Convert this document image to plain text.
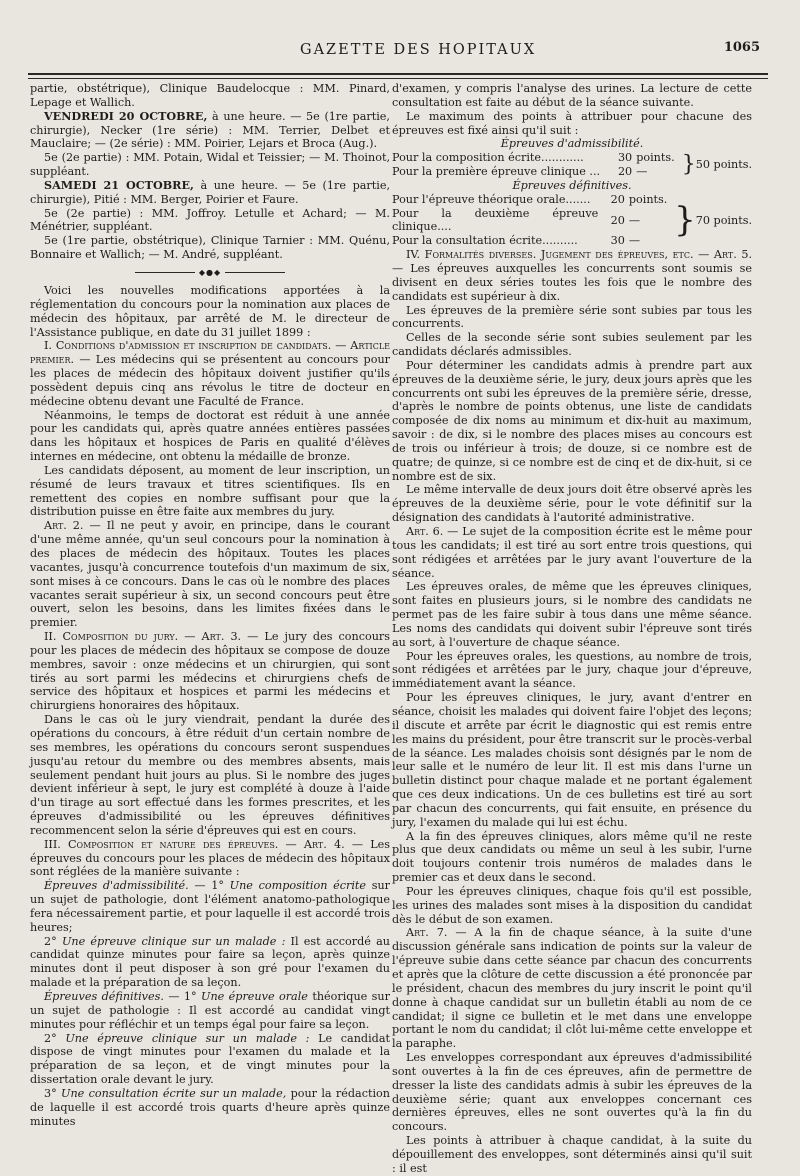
GAZETTE DES HOPITAUX	1065

partie, obstétrique), Clinique Baudelocque : MM. Pinard, Lepage et Wallich.

VENDREDI 20 OCTOBRE, à une heure. — 5e (1re partie, chirurgie), Necker (1re série) : MM. Terrier, Delbet et Mauclaire; — (2e série) : MM. Poirier, Lejars et Broca (Aug.).

5e (2e partie) : MM. Potain, Widal et Teissier; — M. Thoinot, suppléant.

SAMEDI 21 OCTOBRE, à une heure. — 5e (1re partie, chirurgie), Pitié : MM. Berger, Poirier et Faure.

5e (2e partie) : MM. Joffroy. Letulle et Achard; — M. Ménétrier, suppléant.

5e (1re partie, obstétrique), Clinique Tarnier : MM. Quénu, Bonnaire et Wallich; — M. André, suppléant.

◆●◆

Voici les nouvelles modifications apportées à la réglementation du concours pour la nomination aux places de médecin des hôpitaux, par arrêté de M. le directeur de l'Assistance publique, en date du 31 juillet 1899 :

I. Conditions d'admission et inscription de candidats. — Article premier. — Les médecins qui se présentent au concours pour les places de médecin des hôpitaux doivent justifier qu'ils possèdent depuis cinq ans révolus le titre de docteur en médecine obtenu devant une Faculté de France.

Néanmoins, le temps de doctorat est réduit à une année pour les candidats qui, après quatre années entières passées dans les hôpitaux et hospices de Paris en qualité d'élèves internes en médecine, ont obtenu la médaille de bronze.

Les candidats déposent, au moment de leur inscription, un résumé de leurs travaux et titres scientifiques. Ils en remettent des copies en nombre suffisant pour que la distribution puisse en être faite aux membres du jury.

Art. 2. — Il ne peut y avoir, en principe, dans le courant d'une même année, qu'un seul concours pour la nomination à des places de médecin des hôpitaux. Toutes les places vacantes, jusqu'à concurrence toutefois d'un maximum de six, sont mises à ce concours. Dans le cas où le nombre des places vacantes serait supérieur à six, un second concours peut être ouvert, selon les besoins, dans les limites fixées dans le premier.

II. Composition du jury. — Art. 3. — Le jury des concours pour les places de médecin des hôpitaux se compose de douze membres, savoir : onze médecins et un chirurgien, qui sont tirés au sort parmi les médecins et chirurgiens chefs de service des hôpitaux et hospices et parmi les médecins et chirurgiens honoraires des hôpitaux.

Dans le cas où le jury viendrait, pendant la durée des opérations du concours, à être réduit d'un certain nombre de ses membres, les opérations du concours seront suspendues jusqu'au retour du membre ou des membres absents, mais seulement pendant huit jours au plus. Si le nombre des juges devient inférieur à sept, le jury est complété à douze à l'aide d'un tirage au sort effectué dans les formes prescrites, et les épreuves d'admissibilité ou les épreuves définitives recommencent selon la série d'épreuves qui est en cours.

III. Composition et nature des épreuves. — Art. 4. — Les épreuves du concours pour les places de médecin des hôpitaux sont réglées de la manière suivante :

Épreuves d'admissibilité. — 1° Une composition écrite sur un sujet de pathologie, dont l'élément anatomo-pathologique fera nécessairement partie, et pour laquelle il est accordé trois heures;

2° Une épreuve clinique sur un malade : Il est accordé au candidat quinze minutes pour faire sa leçon, après quinze minutes dont il peut disposer à son gré pour l'examen du malade et la préparation de sa leçon.

Épreuves définitives. — 1° Une épreuve orale théorique sur un sujet de pathologie : Il est accordé au candidat vingt minutes pour réfléchir et un temps égal pour faire sa leçon.

2° Une épreuve clinique sur un malade : Le candidat dispose de vingt minutes pour l'examen du malade et la préparation de sa leçon, et de vingt minutes pour la dissertation orale devant le jury.

3° Une consultation écrite sur un malade, pour la rédaction de laquelle il est accordé trois quarts d'heure après quinze minutes

d'examen, y compris l'analyse des urines. La lecture de cette consultation est faite au début de la séance suivante.

Le maximum des points à attribuer pour chacune des épreuves est fixé ainsi qu'il suit :

Épreuves d'admissibilité.

Pour la composition écrite............	30	points.	}	50 points.
Pour la première épreuve clinique ...	20	—		

Épreuves définitives.

Pour l'épreuve théorique orale.......	20	points.	}	70 points.
Pour la deuxième épreuve clinique....	20	—		
Pour la consultation écrite..........	30	—		

IV. Formalités diverses. Jugement des épreuves, etc. — Art. 5. — Les épreuves auxquelles les concurrents sont soumis se divisent en deux séries toutes les fois que le nombre des candidats est supérieur à dix.

Les épreuves de la première série sont subies par tous les concurrents.

Celles de la seconde série sont subies seulement par les candidats déclarés admissibles.

Pour déterminer les candidats admis à prendre part aux épreuves de la deuxième série, le jury, deux jours après que les concurrents ont subi les épreuves de la première série, dresse, d'après le nombre de points obtenus, une liste de candidats composée de dix noms au minimum et dix-huit au maximum, savoir : de dix, si le nombre des places mises au concours est de trois ou inférieur à trois; de douze, si ce nombre est de quatre; de quinze, si ce nombre est de cinq et de dix-huit, si ce nombre est de six.

Le même intervalle de deux jours doit être observé après les épreuves de la deuxième série, pour le vote définitif sur la désignation des candidats à l'autorité administrative.

Art. 6. — Le sujet de la composition écrite est le même pour tous les candidats; il est tiré au sort entre trois questions, qui sont rédigées et arrêtées par le jury avant l'ouverture de la séance.

Les épreuves orales, de même que les épreuves cliniques, sont faites en plusieurs jours, si le nombre des candidats ne permet pas de les faire subir à tous dans une même séance. Les noms des candidats qui doivent subir l'épreuve sont tirés au sort, à l'ouverture de chaque séance.

Pour les épreuves orales, les questions, au nombre de trois, sont rédigées et arrêtées par le jury, chaque jour d'épreuve, immédiatement avant la séance.

Pour les épreuves cliniques, le jury, avant d'entrer en séance, choisit les malades qui doivent faire l'objet des leçons; il discute et arrête par écrit le diagnostic qui est remis entre les mains du président, pour être transcrit sur le procès-verbal de la séance. Les malades choisis sont désignés par le nom de leur salle et le numéro de leur lit. Il est mis dans l'urne un bulletin distinct pour chaque malade et ne portant également que ces deux indications. Un de ces bulletins est tiré au sort par chacun des concurrents, qui fait ensuite, en présence du jury, l'examen du malade qui lui est échu.

A la fin des épreuves cliniques, alors même qu'il ne reste plus que deux candidats ou même un seul à les subir, l'urne doit toujours contenir trois numéros de malades dans le premier cas et deux dans le second.

Pour les épreuves cliniques, chaque fois qu'il est possible, les urines des malades sont mises à la disposition du candidat dès le début de son examen.

Art. 7. — A la fin de chaque séance, à la suite d'une discussion générale sans indication de points sur la valeur de l'épreuve subie dans cette séance par chacun des concurrents et après que la clôture de cette discussion a été prononcée par le président, chacun des membres du jury inscrit le point qu'il donne à chaque candidat sur un bulletin établi au nom de ce candidat; il signe ce bulletin et le met dans une enveloppe portant le nom du candidat; il clôt lui-même cette enveloppe et la paraphe.

Les enveloppes correspondant aux épreuves d'admissibilité sont ouvertes à la fin de ces épreuves, afin de permettre de dresser la liste des candidats admis à subir les épreuves de la deuxième série; quant aux enveloppes concernant ces dernières épreuves, elles ne sont ouvertes qu'à la fin du concours.

Les points à attribuer à chaque candidat, à la suite du dépouillement des enveloppes, sont déterminés ainsi qu'il suit : il est
